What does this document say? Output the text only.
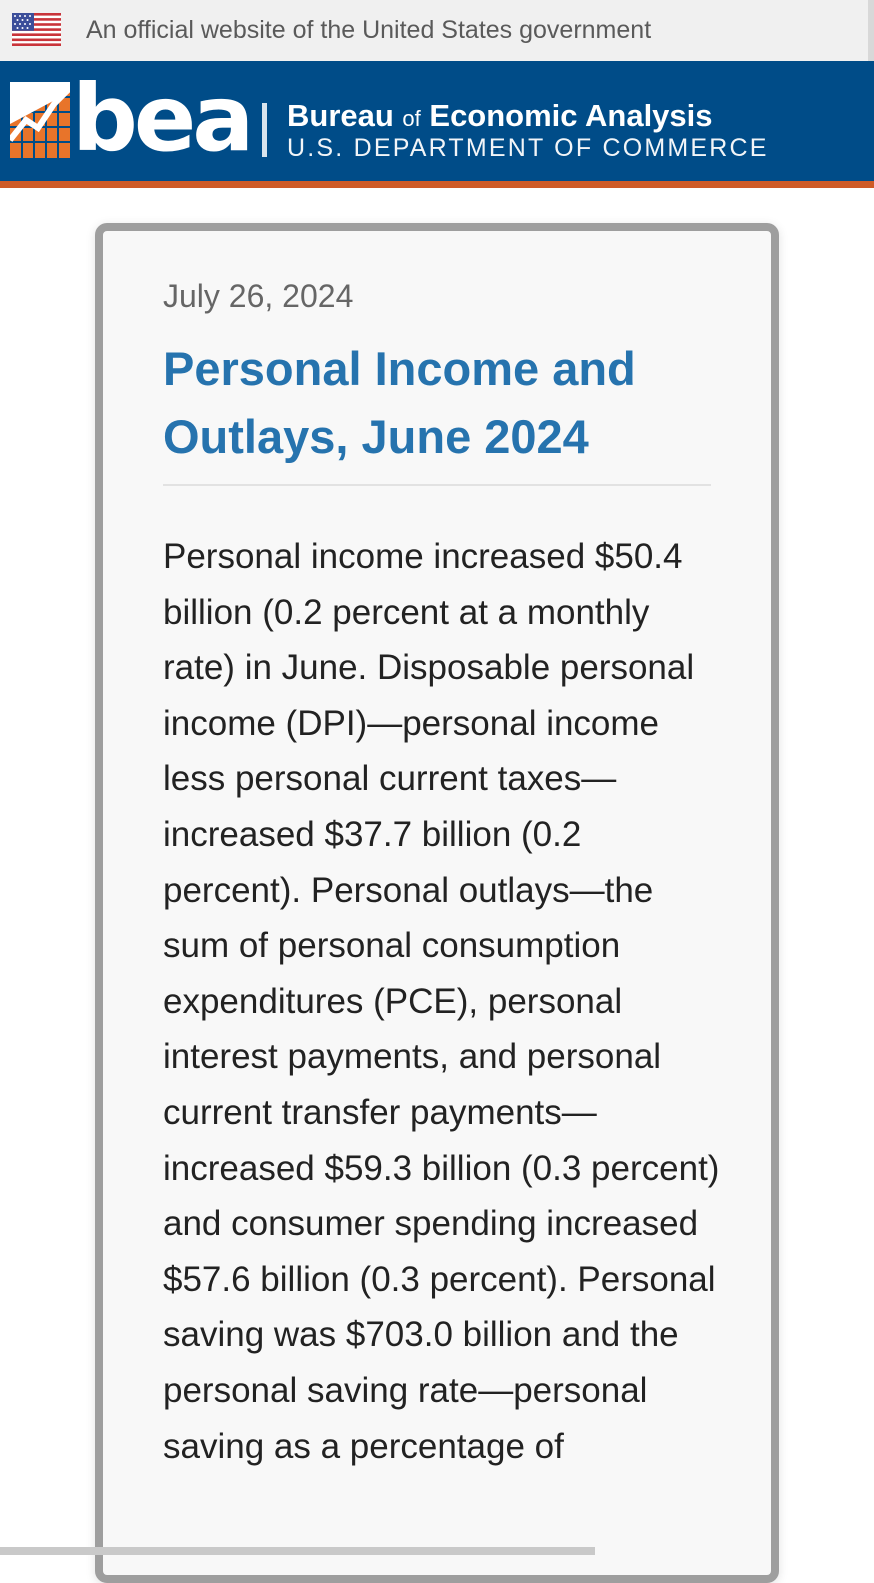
An official website of the United States government
bea Bureau of Economic Analysis
U.S. DEPARTMENT OF COMMERCE
July 26, 2024
Personal Income and Outlays, June 2024

Personal income increased $50.4 billion (0.2 percent at a monthly rate) in June. Disposable personal income (DPI)—personal income less personal current taxes—increased $37.7 billion (0.2 percent). Personal outlays—the sum of personal consumption expenditures (PCE), personal interest payments, and personal current transfer payments—increased $59.3 billion (0.3 percent) and consumer spending increased $57.6 billion (0.3 percent). Personal saving was $703.0 billion and the personal saving rate—personal saving as a percentage of
